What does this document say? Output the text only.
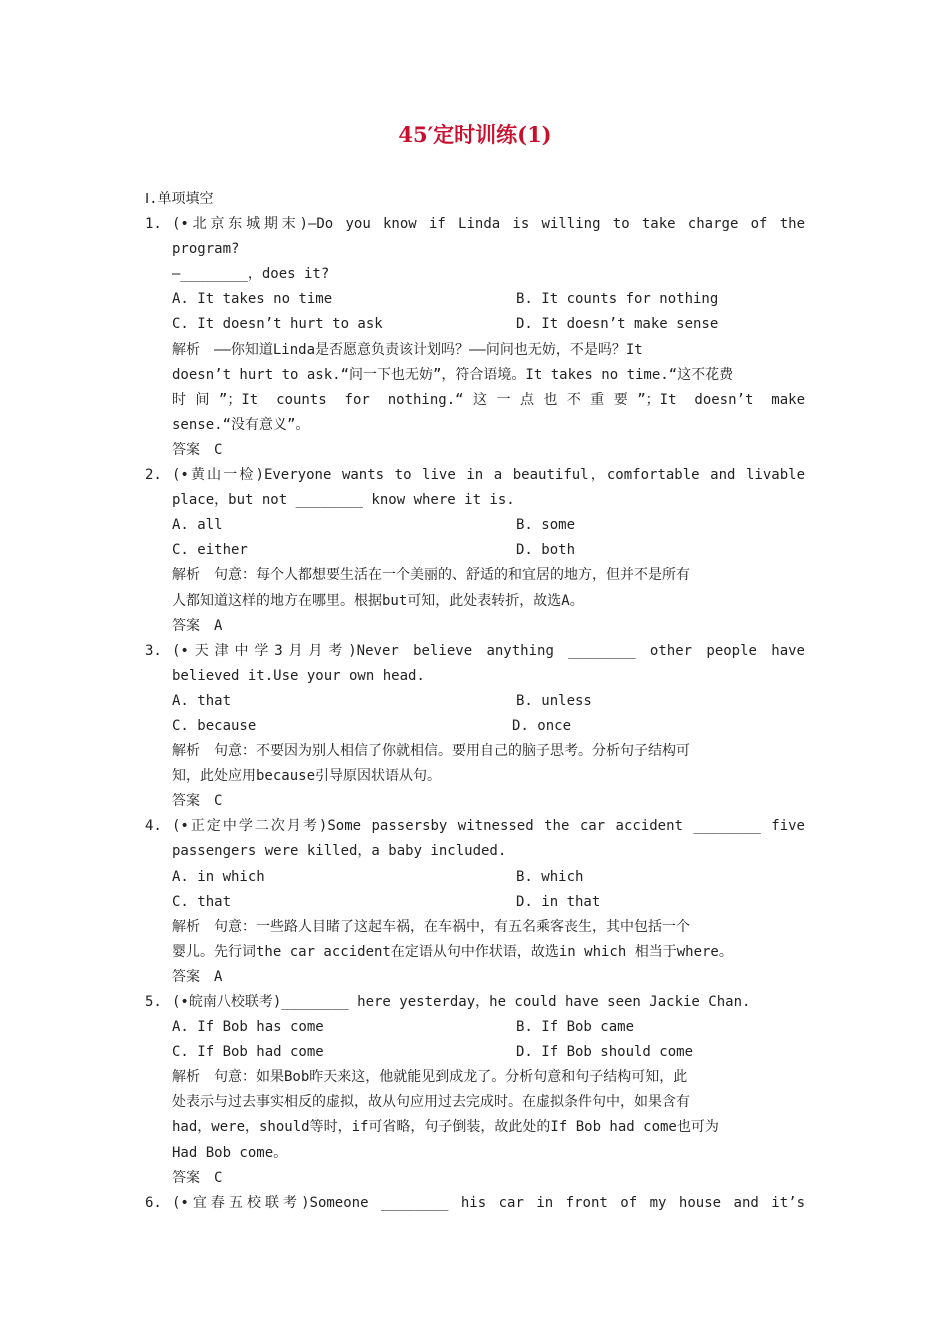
45′定时训练(1)
Ⅰ.单项填空
1. (•北京东城期末)—Do you know if Linda is willing to take charge of the
program?
—________，does it?
A. It takes no time	B. It counts for nothing
C. It doesn’t hurt to ask	D. It doesn’t make sense
解析 ——你知道Linda是否愿意负责该计划吗？——问问也无妨，不是吗？It
doesn’t hurt to ask.“问一下也无妨”，符合语境。It takes no time.“这不花费
时间”；It counts for nothing.“这一点也不重要”；It doesn’t make
sense.“没有意义”。
答案 C
2. (•黄山一检)Everyone wants to live in a beautiful，comfortable and livable
place，but not ________ know where it is.
A. all	B. some
C. either	D. both
解析 句意：每个人都想要生活在一个美丽的、舒适的和宜居的地方，但并不是所有
人都知道这样的地方在哪里。根据but可知，此处表转折，故选A。
答案 A
3. (•天津中学3月月考)Never believe anything ________ other people have
believed it.Use your own head.
A. that	B. unless
C. because	D. once
解析 句意：不要因为别人相信了你就相信。要用自己的脑子思考。分析句子结构可
知，此处应用because引导原因状语从句。
答案 C
4. (•正定中学二次月考)Some passersby witnessed the car accident ________ five
passengers were killed，a baby included.
A. in which	B. which
C. that	D. in that
解析 句意：一些路人目睹了这起车祸，在车祸中，有五名乘客丧生，其中包括一个
婴儿。先行词the car accident在定语从句中作状语，故选in which 相当于where。
答案 A
5. (•皖南八校联考)________ here yesterday，he could have seen Jackie Chan.
A. If Bob has come	B. If Bob came
C. If Bob had come	D. If Bob should come
解析 句意：如果Bob昨天来这，他就能见到成龙了。分析句意和句子结构可知，此
处表示与过去事实相反的虚拟，故从句应用过去完成时。在虚拟条件句中，如果含有
had，were，should等时，if可省略，句子倒装，故此处的If Bob had come也可为
Had Bob come。
答案 C
6. (•宜春五校联考)Someone ________ his car in front of my house and it’s
